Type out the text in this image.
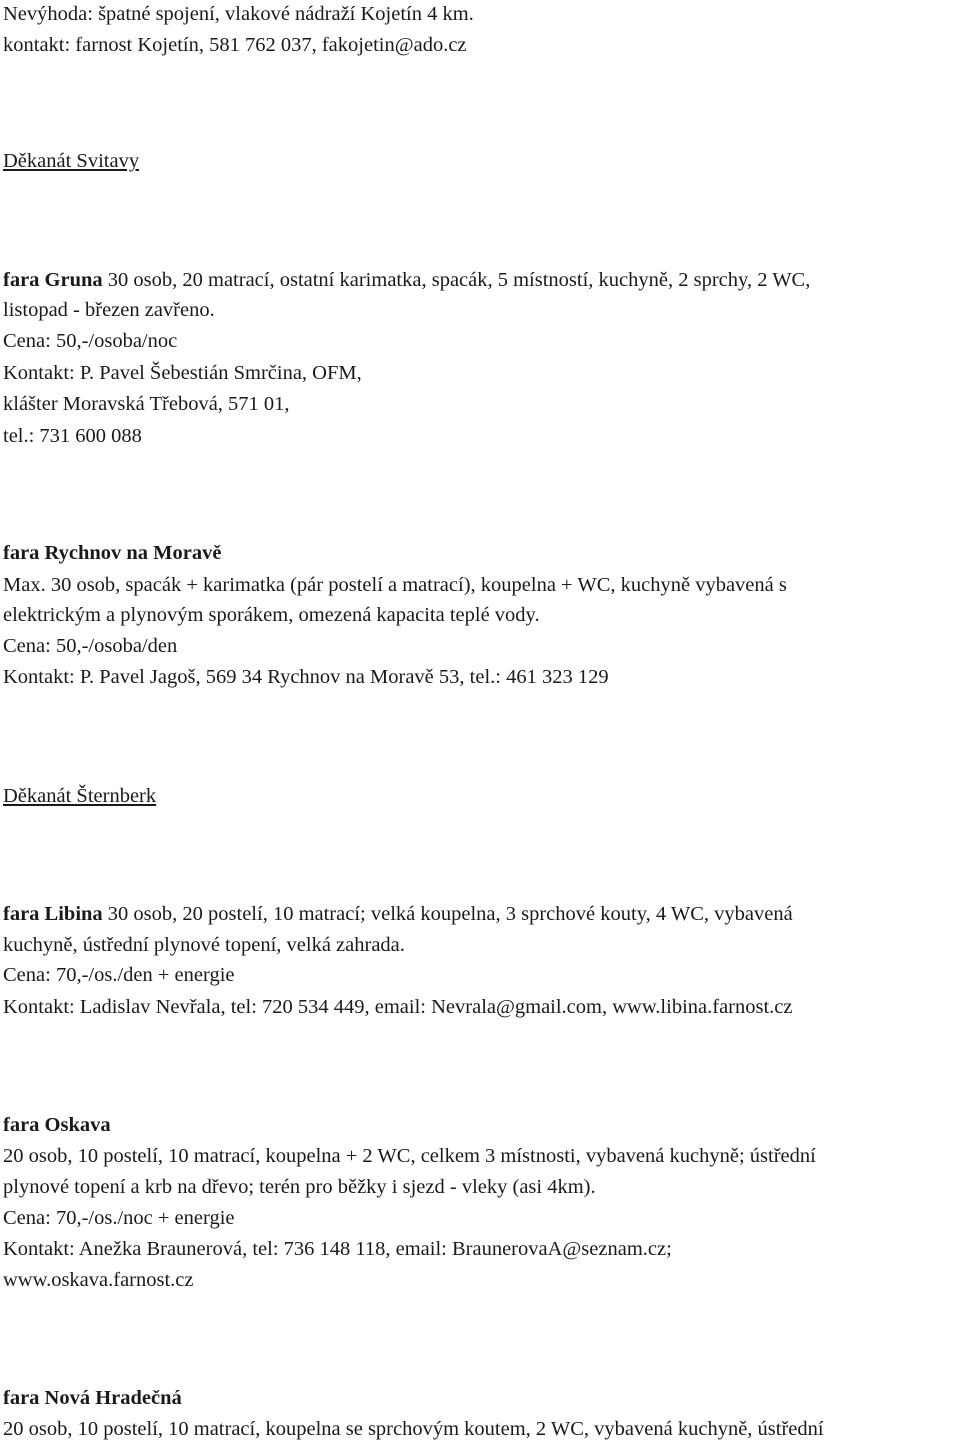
Nevýhoda: špatné spojení, vlakové nádraží Kojetín 4 km.
kontakt: farnost Kojetín, 581 762 037, fakojetin@ado.cz
Děkanát Svitavy
fara Gruna 30 osob, 20 matrací, ostatní karimatka, spacák, 5 místností, kuchyně, 2 sprchy, 2 WC,
listopad - březen zavřeno.
Cena: 50,-/osoba/noc
Kontakt: P. Pavel Šebestián Smrčina, OFM,
klášter Moravská Třebová, 571 01,
tel.: 731 600 088
fara Rychnov na Moravě
Max. 30 osob, spacák + karimatka (pár postelí a matrací), koupelna + WC, kuchyně vybavená s
elektrickým a plynovým sporákem, omezená kapacita teplé vody.
Cena: 50,-/osoba/den
Kontakt: P. Pavel Jagoš, 569 34 Rychnov na Moravě 53, tel.: 461 323 129
Děkanát Šternberk
fara Libina 30 osob, 20 postelí, 10 matrací; velká koupelna, 3 sprchové kouty, 4 WC, vybavená
kuchyně, ústřední plynové topení, velká zahrada.
Cena: 70,-/os./den + energie
Kontakt: Ladislav Nevřala, tel: 720 534 449, email: Nevrala@gmail.com, www.libina.farnost.cz
fara Oskava
20 osob, 10 postelí, 10 matrací, koupelna + 2 WC, celkem 3 místnosti, vybavená kuchyně; ústřední
plynové topení a krb na dřevo; terén pro běžky i sjezd - vleky (asi 4km).
Cena: 70,-/os./noc + energie
Kontakt: Anežka Braunerová, tel: 736 148 118, email: BraunerovaA@seznam.cz;
www.oskava.farnost.cz
fara Nová Hradečná
20 osob, 10 postelí, 10 matrací, koupelna se sprchovým koutem, 2 WC, vybavená kuchyně, ústřední
